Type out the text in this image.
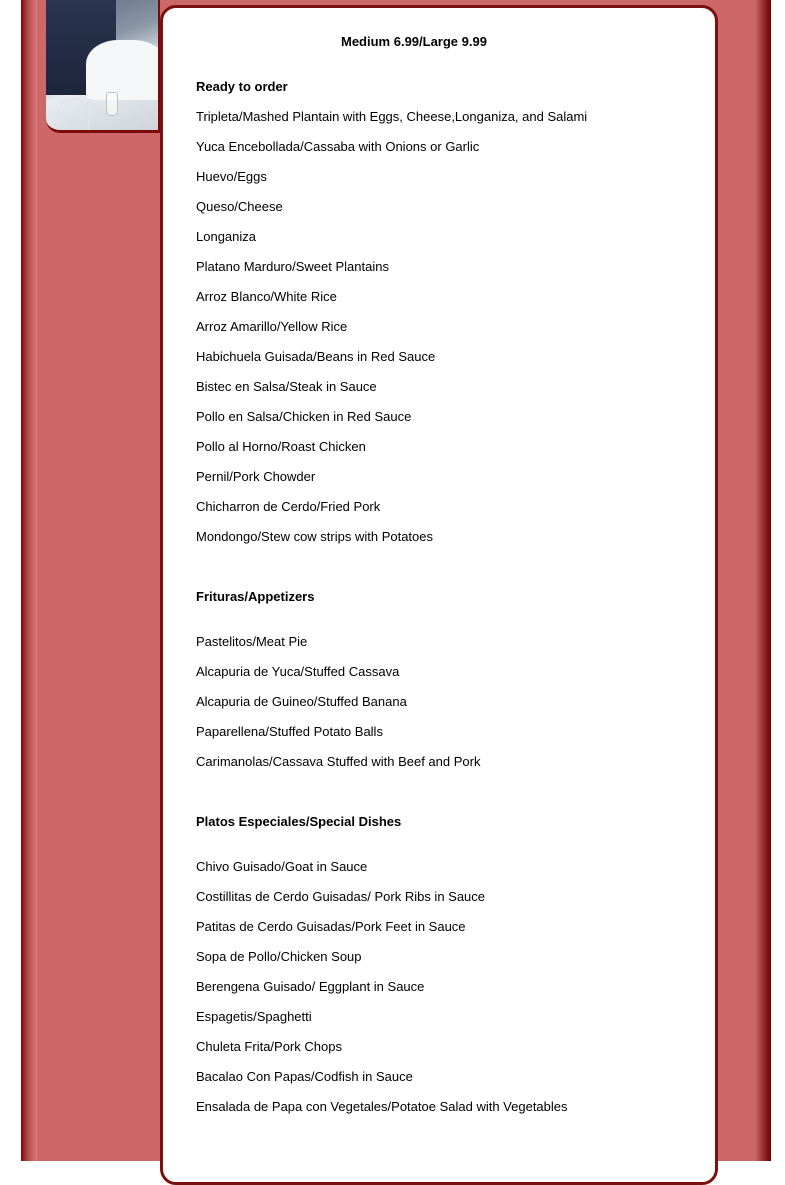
Medium 6.99/Large 9.99
Ready to order
Tripleta/Mashed Plantain with Eggs, Cheese,Longaniza, and Salami
Yuca Encebollada/Cassaba with Onions or Garlic
Huevo/Eggs
Queso/Cheese
Longaniza
Platano Marduro/Sweet Plantains
Arroz Blanco/White Rice
Arroz Amarillo/Yellow Rice
Habichuela Guisada/Beans in Red Sauce
Bistec en Salsa/Steak in Sauce
Pollo en Salsa/Chicken in Red Sauce
Pollo al Horno/Roast Chicken
Pernil/Pork Chowder
Chicharron de Cerdo/Fried Pork
Mondongo/Stew cow strips with Potatoes
Frituras/Appetizers
Pastelitos/Meat Pie
Alcapuria de Yuca/Stuffed Cassava
Alcapuria de Guineo/Stuffed Banana
Paparellena/Stuffed Potato Balls
Carimanolas/Cassava Stuffed with Beef and Pork
Platos Especiales/Special Dishes
Chivo Guisado/Goat in Sauce
Costillitas de Cerdo Guisadas/ Pork Ribs in Sauce
Patitas de Cerdo Guisadas/Pork Feet in Sauce
Sopa de Pollo/Chicken Soup
Berengena Guisado/ Eggplant in Sauce
Espagetis/Spaghetti
Chuleta Frita/Pork Chops
Bacalao Con Papas/Codfish in Sauce
Ensalada de Papa con Vegetales/Potatoe Salad with Vegetables
